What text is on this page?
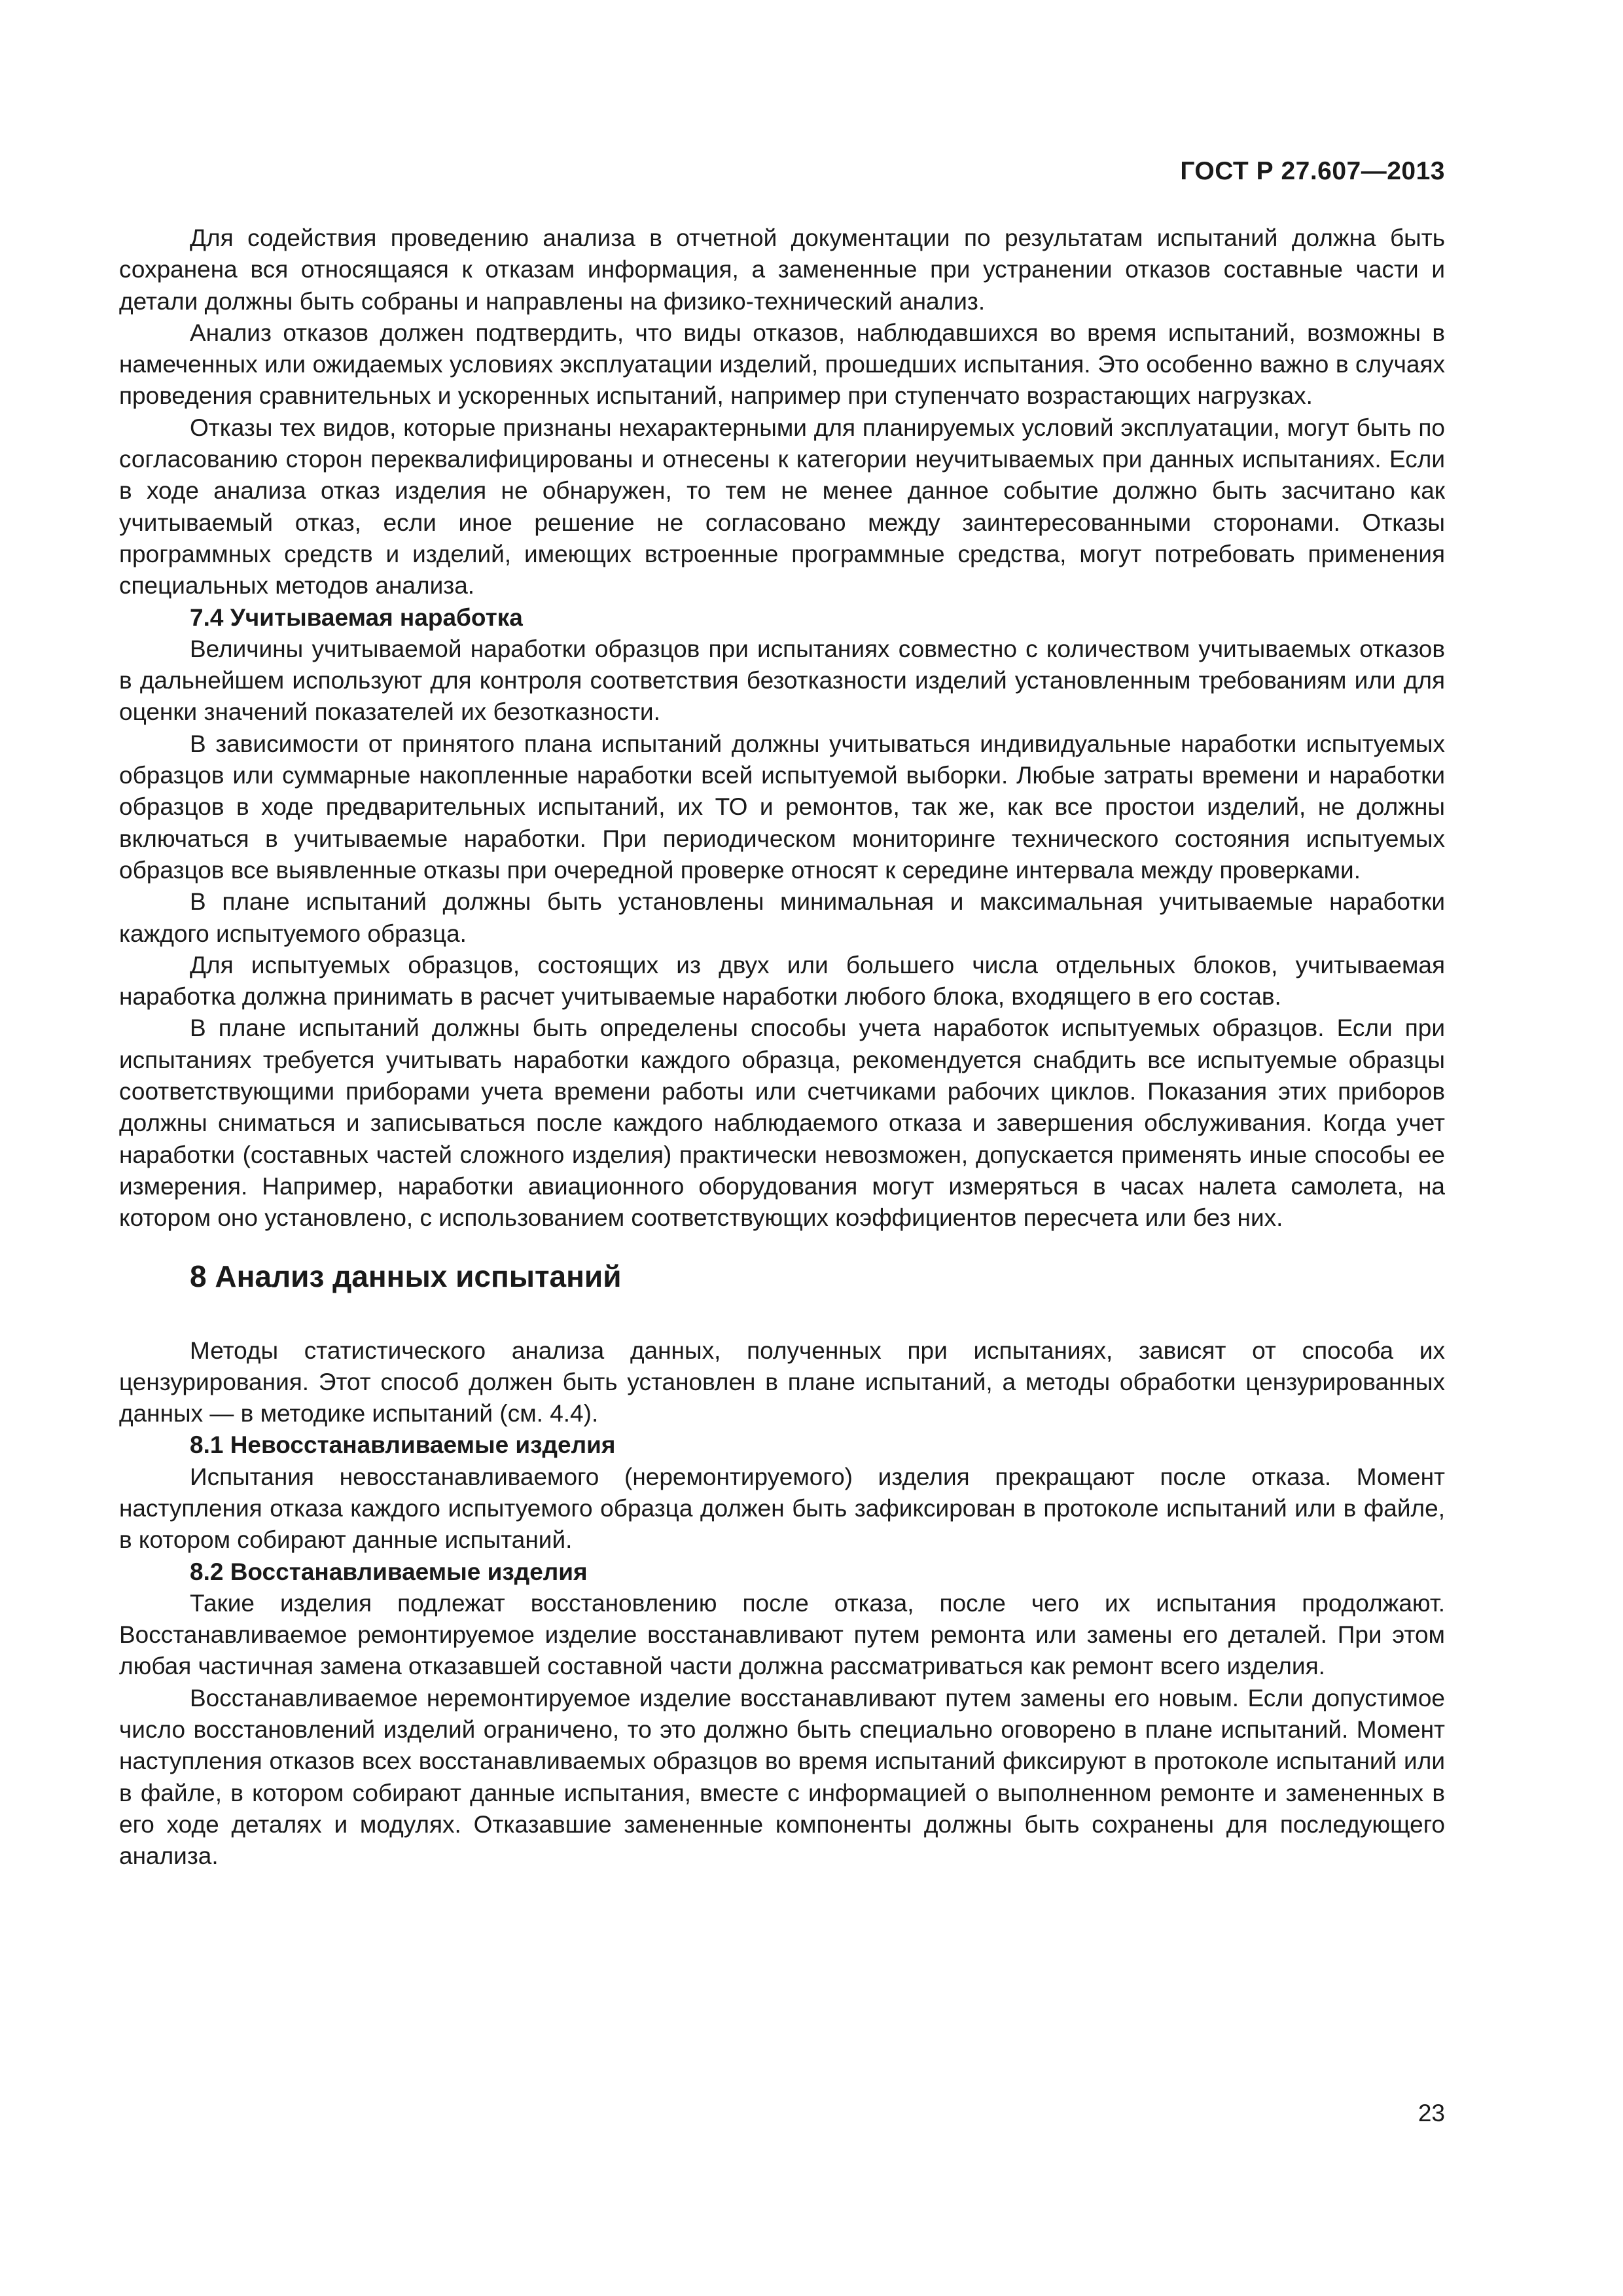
ГОСТ Р 27.607—2013

Для содействия проведению анализа в отчетной документации по результатам испытаний должна быть сохранена вся относящаяся к отказам информация, а замененные при устранении отказов составные части и детали должны быть собраны и направлены на физико-технический анализ.

Анализ отказов должен подтвердить, что виды отказов, наблюдавшихся во время испытаний, возможны в намеченных или ожидаемых условиях эксплуатации изделий, прошедших испытания. Это особенно важно в случаях проведения сравнительных и ускоренных испытаний, например при ступенчато возрастающих нагрузках.

Отказы тех видов, которые признаны нехарактерными для планируемых условий эксплуатации, могут быть по согласованию сторон переквалифицированы и отнесены к категории неучитываемых при данных испытаниях. Если в ходе анализа отказ изделия не обнаружен, то тем не менее данное событие должно быть засчитано как учитываемый отказ, если иное решение не согласовано между заинтересованными сторонами. Отказы программных средств и изделий, имеющих встроенные программные средства, могут потребовать применения специальных методов анализа.

7.4 Учитываемая наработка

Величины учитываемой наработки образцов при испытаниях совместно с количеством учитываемых отказов в дальнейшем используют для контроля соответствия безотказности изделий установленным требованиям или для оценки значений показателей их безотказности.

В зависимости от принятого плана испытаний должны учитываться индивидуальные наработки испытуемых образцов или суммарные накопленные наработки всей испытуемой выборки. Любые затраты времени и наработки образцов в ходе предварительных испытаний, их ТО и ремонтов, так же, как все простои изделий, не должны включаться в учитываемые наработки. При периодическом мониторинге технического состояния испытуемых образцов все выявленные отказы при очередной проверке относят к середине интервала между проверками.

В плане испытаний должны быть установлены минимальная и максимальная учитываемые наработки каждого испытуемого образца.

Для испытуемых образцов, состоящих из двух или большего числа отдельных блоков, учитываемая наработка должна принимать в расчет учитываемые наработки любого блока, входящего в его состав.

В плане испытаний должны быть определены способы учета наработок испытуемых образцов. Если при испытаниях требуется учитывать наработки каждого образца, рекомендуется снабдить все испытуемые образцы соответствующими приборами учета времени работы или счетчиками рабочих циклов. Показания этих приборов должны сниматься и записываться после каждого наблюдаемого отказа и завершения обслуживания. Когда учет наработки (составных частей сложного изделия) практически невозможен, допускается применять иные способы ее измерения. Например, наработки авиационного оборудования могут измеряться в часах налета самолета, на котором оно установлено, с использованием соответствующих коэффициентов пересчета или без них.

8 Анализ данных испытаний

Методы статистического анализа данных, полученных при испытаниях, зависят от способа их цензурирования. Этот способ должен быть установлен в плане испытаний, а методы обработки цензурированных данных — в методике испытаний (см. 4.4).

8.1 Невосстанавливаемые изделия

Испытания невосстанавливаемого (неремонтируемого) изделия прекращают после отказа. Момент наступления отказа каждого испытуемого образца должен быть зафиксирован в протоколе испытаний или в файле, в котором собирают данные испытаний.

8.2 Восстанавливаемые изделия

Такие изделия подлежат восстановлению после отказа, после чего их испытания продолжают. Восстанавливаемое ремонтируемое изделие восстанавливают путем ремонта или замены его деталей. При этом любая частичная замена отказавшей составной части должна рассматриваться как ремонт всего изделия.

Восстанавливаемое неремонтируемое изделие восстанавливают путем замены его новым. Если допустимое число восстановлений изделий ограничено, то это должно быть специально оговорено в плане испытаний. Момент наступления отказов всех восстанавливаемых образцов во время испытаний фиксируют в протоколе испытаний или в файле, в котором собирают данные испытания, вместе с информацией о выполненном ремонте и замененных в его ходе деталях и модулях. Отказавшие замененные компоненты должны быть сохранены для последующего анализа.

23
